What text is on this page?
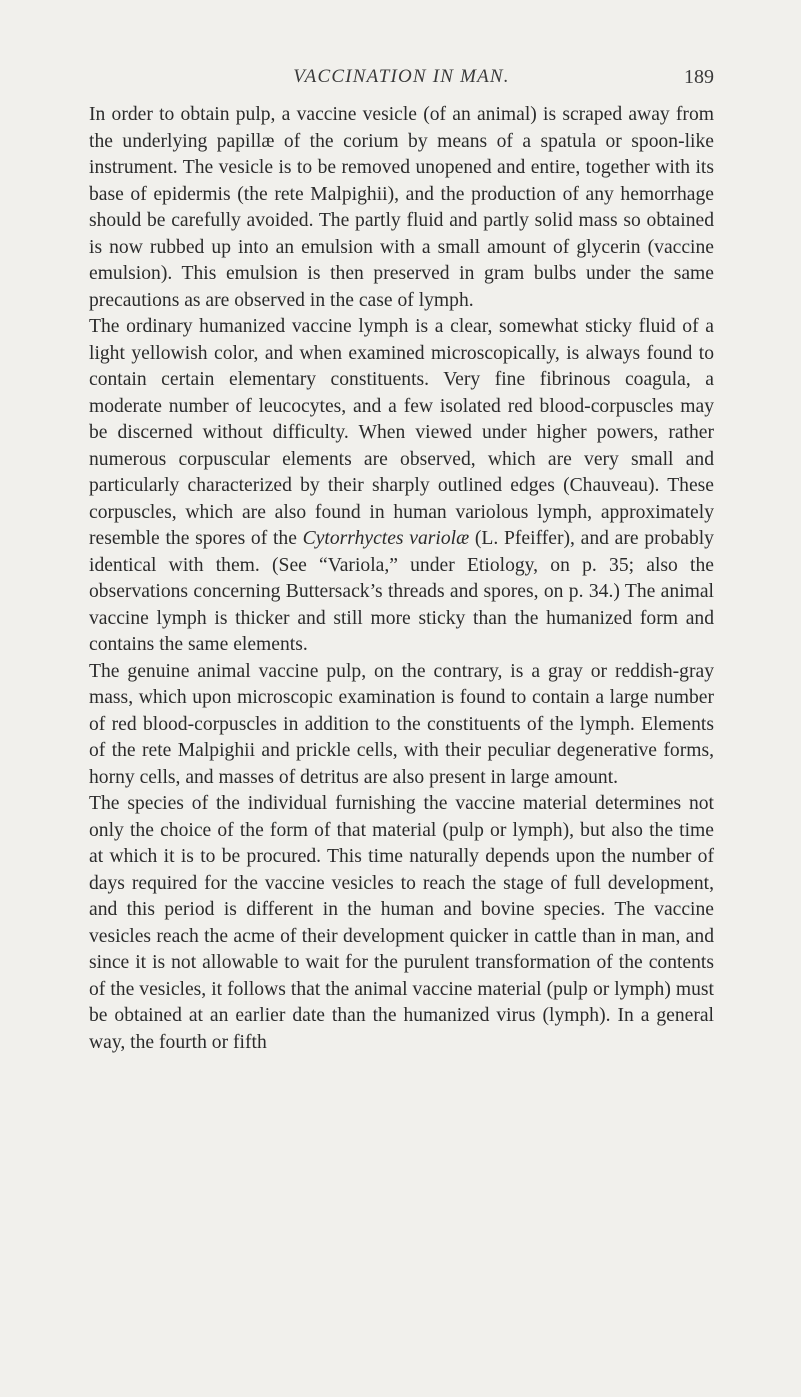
VACCINATION IN MAN.	189

In order to obtain pulp, a vaccine vesicle (of an animal) is scraped away from the underlying papillæ of the corium by means of a spatula or spoon-like instrument. The vesicle is to be removed unopened and entire, together with its base of epidermis (the rete Malpighii), and the production of any hemorrhage should be carefully avoided. The partly fluid and partly solid mass so obtained is now rubbed up into an emulsion with a small amount of glycerin (vaccine emulsion). This emulsion is then preserved in gram bulbs under the same precautions as are observed in the case of lymph.

The ordinary humanized vaccine lymph is a clear, somewhat sticky fluid of a light yellowish color, and when examined microscopically, is always found to contain certain elementary constituents. Very fine fibrinous coagula, a moderate number of leucocytes, and a few isolated red blood-corpuscles may be discerned without difficulty. When viewed under higher powers, rather numerous corpuscular elements are observed, which are very small and particularly characterized by their sharply outlined edges (Chauveau). These corpuscles, which are also found in human variolous lymph, approximately resemble the spores of the Cytorrhyctes variolæ (L. Pfeiffer), and are probably identical with them. (See “Variola,” under Etiology, on p. 35; also the observations concerning Buttersack’s threads and spores, on p. 34.) The animal vaccine lymph is thicker and still more sticky than the humanized form and contains the same elements.

The genuine animal vaccine pulp, on the contrary, is a gray or reddish-gray mass, which upon microscopic examination is found to contain a large number of red blood-corpuscles in addition to the constituents of the lymph. Elements of the rete Malpighii and prickle cells, with their peculiar degenerative forms, horny cells, and masses of detritus are also present in large amount.

The species of the individual furnishing the vaccine material determines not only the choice of the form of that material (pulp or lymph), but also the time at which it is to be procured. This time naturally depends upon the number of days required for the vaccine vesicles to reach the stage of full development, and this period is different in the human and bovine species. The vaccine vesicles reach the acme of their development quicker in cattle than in man, and since it is not allowable to wait for the purulent transformation of the contents of the vesicles, it follows that the animal vaccine material (pulp or lymph) must be obtained at an earlier date than the humanized virus (lymph). In a general way, the fourth or fifth
